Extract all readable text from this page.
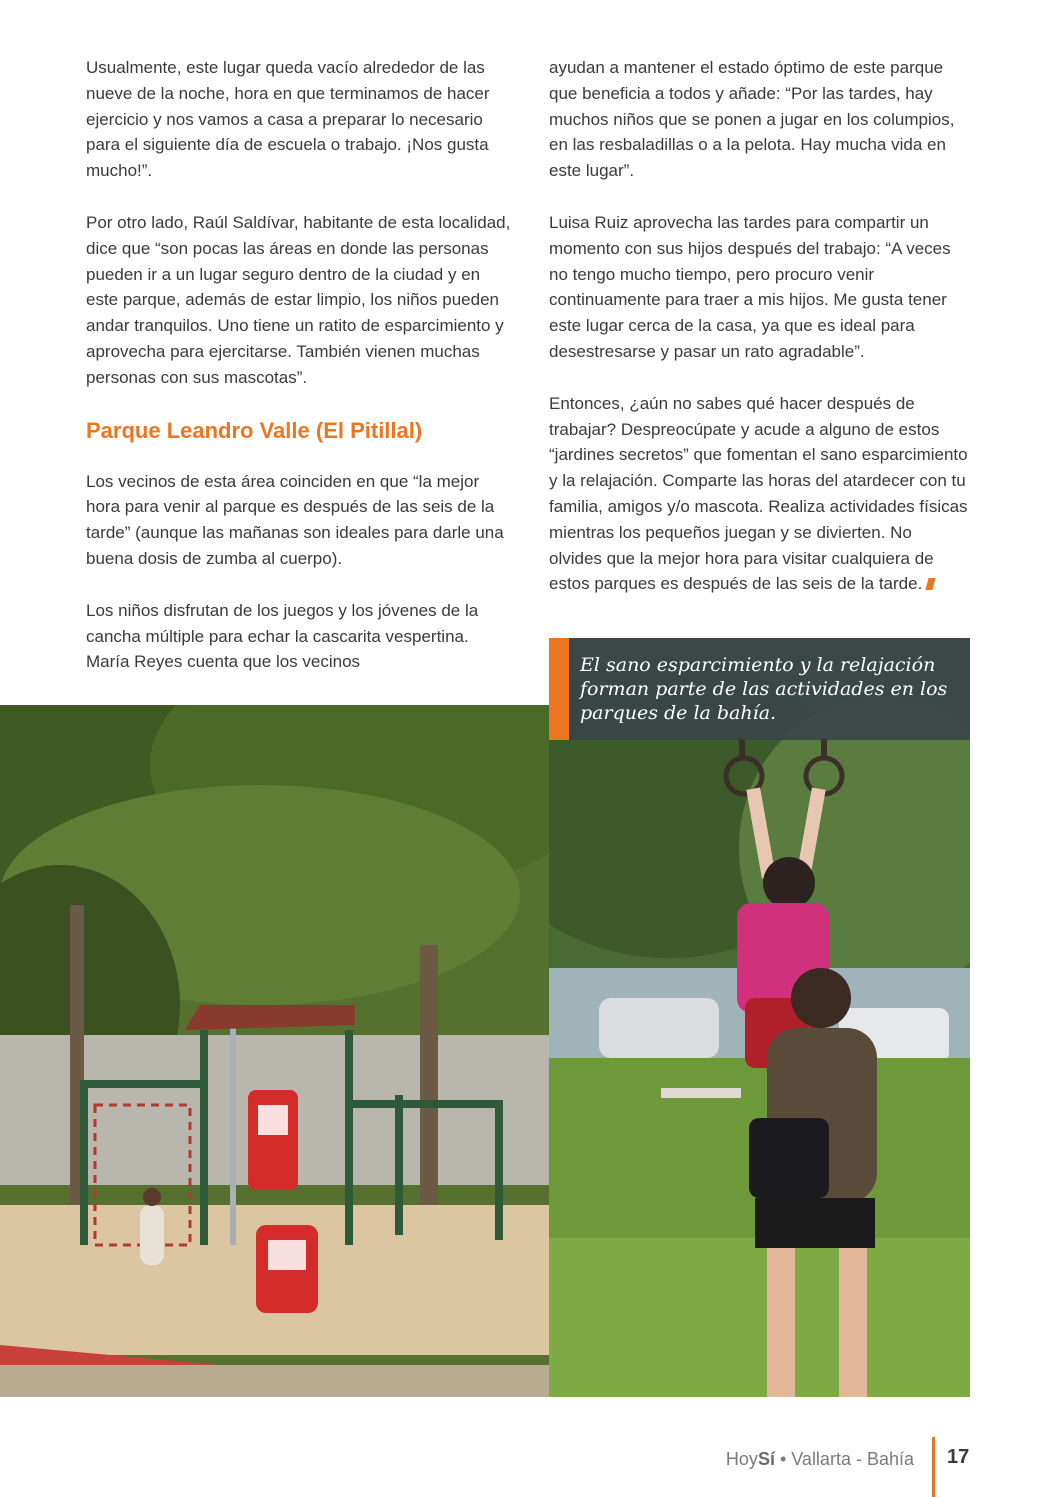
Usualmente, este lugar queda vacío alrededor de las nueve de la noche, hora en que terminamos de hacer ejercicio y nos vamos a casa a preparar lo necesario para el siguiente día de escuela o trabajo. ¡Nos gusta mucho!”.

Por otro lado, Raúl Saldívar, habitante de esta localidad, dice que “son pocas las áreas en donde las personas pueden ir a un lugar seguro dentro de la ciudad y en este parque, además de estar limpio, los niños pueden andar tranquilos. Uno tiene un ratito de esparcimiento y aprovecha para ejercitarse. También vienen muchas personas con sus mascotas”.

Parque Leandro Valle (El Pitillal)

Los vecinos de esta área coinciden en que “la mejor hora para venir al parque es después de las seis de la tarde” (aunque las mañanas son ideales para darle una buena dosis de zumba al cuerpo).

Los niños disfrutan de los juegos y los jóvenes de la cancha múltiple para echar la cascarita vespertina. María Reyes cuenta que los vecinos

ayudan a mantener el estado óptimo de este parque que beneficia a todos y añade: “Por las tardes, hay muchos niños que se ponen a jugar en los columpios, en las resbaladillas o a la pelota. Hay mucha vida en este lugar”.

Luisa Ruiz aprovecha las tardes para compartir un momento con sus hijos después del trabajo: “A veces no tengo mucho tiempo, pero procuro venir continuamente para traer a mis hijos. Me gusta tener este lugar cerca de la casa, ya que es ideal para desestresarse y pasar un rato agradable”.

Entonces, ¿aún no sabes qué hacer después de trabajar? Despreocúpate y acude a alguno de estos “jardines secretos” que fomentan el sano esparcimiento y la relajación. Comparte las horas del atardecer con tu familia, amigos y/o mascota. Realiza actividades físicas mientras los pequeños juegan y se divierten. No olvides que la mejor hora para visitar cualquiera de estos parques es después de las seis de la tarde.

El sano esparcimiento y la relajación forman parte de las actividades en los parques de la bahía.
HoySí • Vallarta - Bahía 17
